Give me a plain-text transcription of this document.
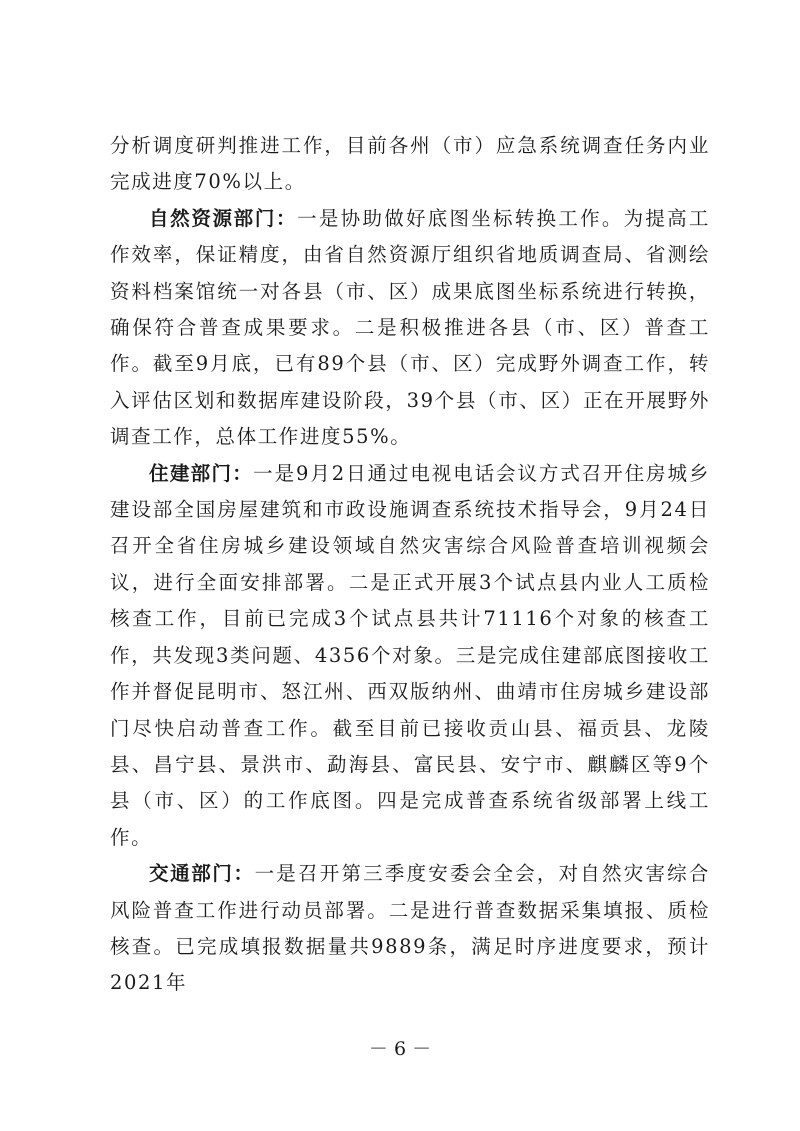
分析调度研判推进工作，目前各州（市）应急系统调查任务内业完成进度70%以上。

自然资源部门：一是协助做好底图坐标转换工作。为提高工作效率，保证精度，由省自然资源厅组织省地质调查局、省测绘资料档案馆统一对各县（市、区）成果底图坐标系统进行转换，确保符合普查成果要求。二是积极推进各县（市、区）普查工作。截至9月底，已有89个县（市、区）完成野外调查工作，转入评估区划和数据库建设阶段，39个县（市、区）正在开展野外调查工作，总体工作进度55%。

住建部门：一是9月2日通过电视电话会议方式召开住房城乡建设部全国房屋建筑和市政设施调查系统技术指导会，9月24日召开全省住房城乡建设领域自然灾害综合风险普查培训视频会议，进行全面安排部署。二是正式开展3个试点县内业人工质检核查工作，目前已完成3个试点县共计71116个对象的核查工作，共发现3类问题、4356个对象。三是完成住建部底图接收工作并督促昆明市、怒江州、西双版纳州、曲靖市住房城乡建设部门尽快启动普查工作。截至目前已接收贡山县、福贡县、龙陵县、昌宁县、景洪市、勐海县、富民县、安宁市、麒麟区等9个县（市、区）的工作底图。四是完成普查系统省级部署上线工作。

交通部门：一是召开第三季度安委会全会，对自然灾害综合风险普查工作进行动员部署。二是进行普查数据采集填报、质检核查。已完成填报数据量共9889条，满足时序进度要求，预计2021年

－ 6 －
